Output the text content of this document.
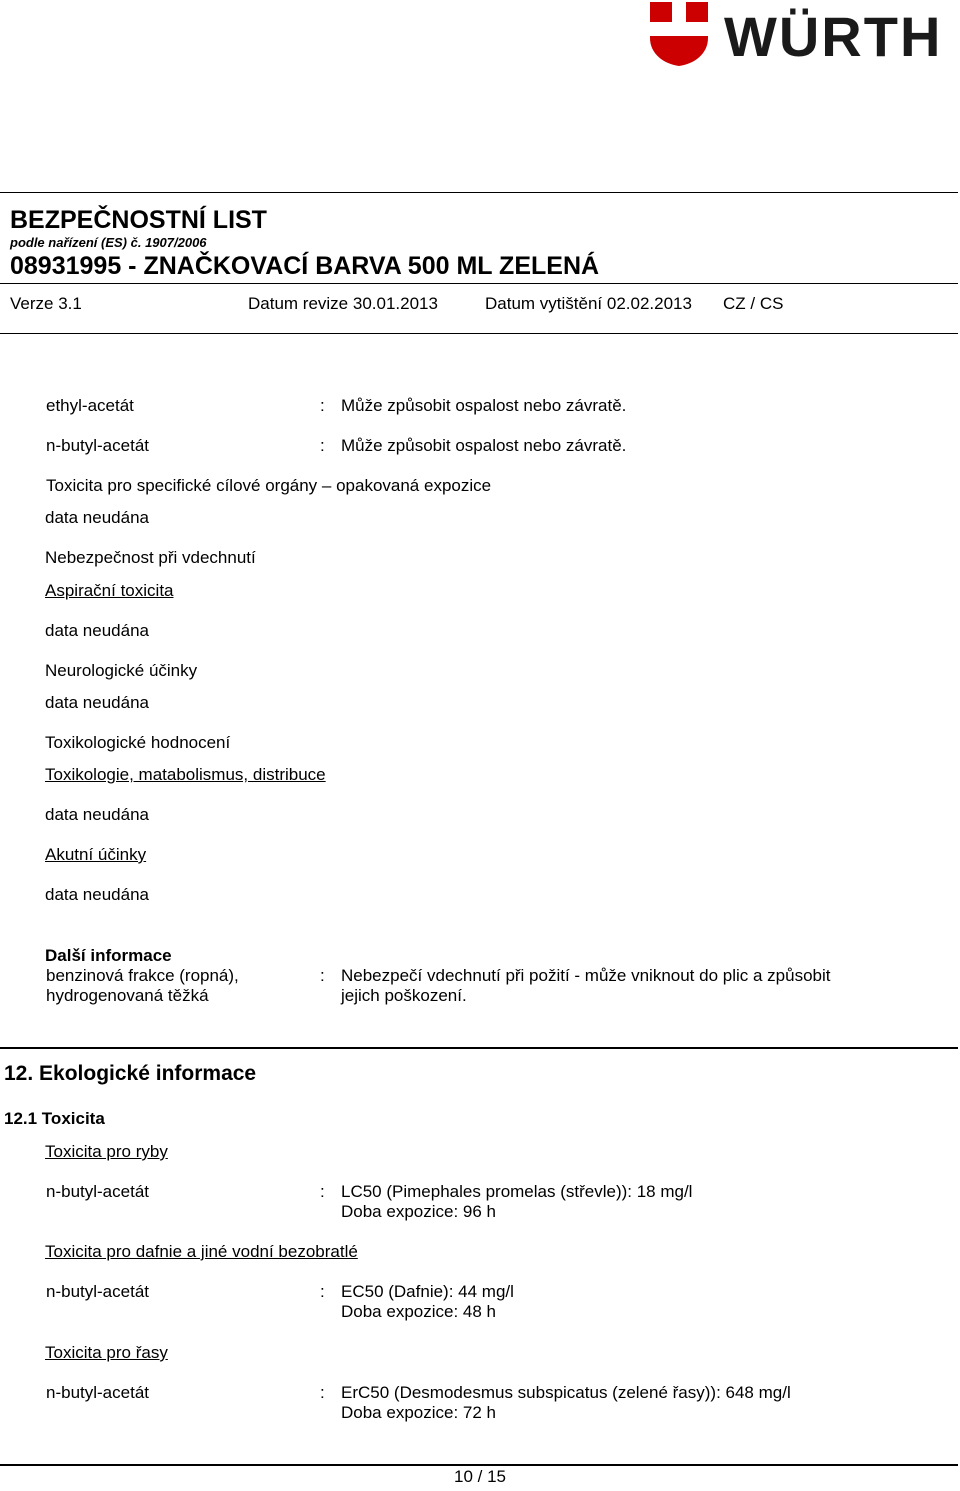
WÜRTH
BEZPEČNOSTNÍ LIST
podle nařízení (ES) č. 1907/2006
08931995 - ZNAČKOVACÍ BARVA 500 ML ZELENÁ
Verze 3.1	Datum revize 30.01.2013	Datum vytištění 02.02.2013 CZ / CS
ethyl-acetát	: Může způsobit ospalost nebo závratě.
n-butyl-acetát	: Může způsobit ospalost nebo závratě.
Toxicita pro specifické cílové orgány – opakovaná expozice
data neudána
Nebezpečnost při vdechnutí
Aspirační toxicita
data neudána
Neurologické účinky
data neudána
Toxikologické hodnocení
Toxikologie, matabolismus, distribuce
data neudána
Akutní účinky
data neudána
Další informace
benzinová frakce (ropná),
hydrogenovaná těžká
: Nebezpečí vdechnutí při požití - může vniknout do plic a způsobit
jejich poškození.
12. Ekologické informace
12.1 Toxicita
Toxicita pro ryby
n-butyl-acetát	: LC50 (Pimephales promelas (střevle)): 18 mg/l
Doba expozice: 96 h
Toxicita pro dafnie a jiné vodní bezobratlé
n-butyl-acetát	: EC50 (Dafnie): 44 mg/l
Doba expozice: 48 h
Toxicita pro řasy
n-butyl-acetát	: ErC50 (Desmodesmus subspicatus (zelené řasy)): 648 mg/l
Doba expozice: 72 h
10 / 15
